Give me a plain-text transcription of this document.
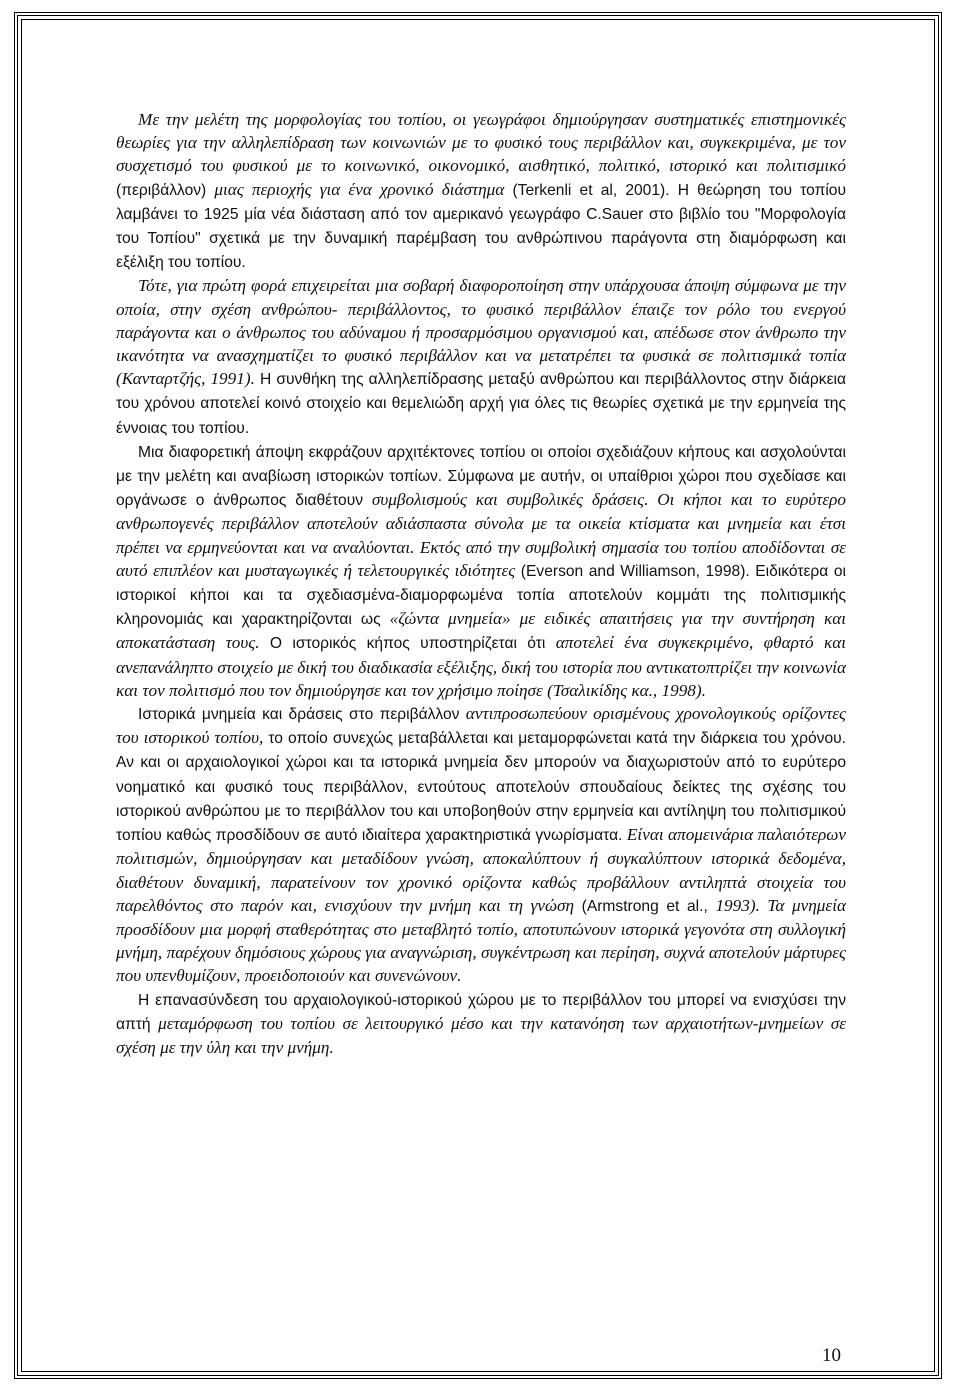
Με την μελέτη της μορφολογίας του τοπίου, οι γεωγράφοι δημιούργησαν συστηματικές επιστημονικές θεωρίες για την αλληλεπίδραση των κοινωνιών με το φυσικό τους περιβάλλον και, συγκεκριμένα, με τον συσχετισμό του φυσικού με το κοινωνικό, οικονομικό, αισθητικό, πολιτικό, ιστορικό και πολιτισμικό (περιβάλλον) μιας περιοχής για ένα χρονικό διάστημα (Terkenli et al, 2001). Η θεώρηση του τοπίου λαμβάνει το 1925 μία νέα διάσταση από τον αμερικανό γεωγράφο C.Sauer στο βιβλίο του "Μορφολογία του Τοπίου" σχετικά με την δυναμική παρέμβαση του ανθρώπινου παράγοντα στη διαμόρφωση και εξέλιξη του τοπίου.

Τότε, για πρώτη φορά επιχειρείται μια σοβαρή διαφοροποίηση στην υπάρχουσα άποψη σύμφωνα με την οποία, στην σχέση ανθρώπου- περιβάλλοντος, το φυσικό περιβάλλον έπαιζε τον ρόλο του ενεργού παράγοντα και ο άνθρωπος του αδύναμου ή προσαρμόσιμου οργανισμού και, απέδωσε στον άνθρωπο την ικανότητα να ανασχηματίζει το φυσικό περιβάλλον και να μετατρέπει τα φυσικά σε πολιτισμικά τοπία (Κανταρτζής, 1991). Η συνθήκη της αλληλεπίδρασης μεταξύ ανθρώπου και περιβάλλοντος στην διάρκεια του χρόνου αποτελεί κοινό στοιχείο και θεμελιώδη αρχή για όλες τις θεωρίες σχετικά με την ερμηνεία της έννοιας του τοπίου.

Μια διαφορετική άποψη εκφράζουν αρχιτέκτονες τοπίου οι οποίοι σχεδιάζουν κήπους και ασχολούνται με την μελέτη και αναβίωση ιστορικών τοπίων. Σύμφωνα με αυτήν, οι υπαίθριοι χώροι που σχεδίασε και οργάνωσε ο άνθρωπος διαθέτουν συμβολισμούς και συμβολικές δράσεις. Οι κήποι και το ευρύτερο ανθρωπογενές περιβάλλον αποτελούν αδιάσπαστα σύνολα με τα οικεία κτίσματα και μνημεία και έτσι πρέπει να ερμηνεύονται και να αναλύονται. Εκτός από την συμβολική σημασία του τοπίου αποδίδονται σε αυτό επιπλέον και μυσταγωγικές ή τελετουργικές ιδιότητες (Everson and Williamson, 1998). Ειδικότερα οι ιστορικοί κήποι και τα σχεδιασμένα-διαμορφωμένα τοπία αποτελούν κομμάτι της πολιτισμικής κληρονομιάς και χαρακτηρίζονται ως «ζώντα μνημεία» με ειδικές απαιτήσεις για την συντήρηση και αποκατάσταση τους. Ο ιστορικός κήπος υποστηρίζεται ότι αποτελεί ένα συγκεκριμένο, φθαρτό και ανεπανάληπτο στοιχείο με δική του διαδικασία εξέλιξης, δική του ιστορία που αντικατοπτρίζει την κοινωνία και τον πολιτισμό που τον δημιούργησε και τον χρήσιμο ποίησε (Τσαλικίδης κα., 1998).

Ιστορικά μνημεία και δράσεις στο περιβάλλον αντιπροσωπεύουν ορισμένους χρονολογικούς ορίζοντες του ιστορικού τοπίου, το οποίο συνεχώς μεταβάλλεται και μεταμορφώνεται κατά την διάρκεια του χρόνου. Αν και οι αρχαιολογικοί χώροι και τα ιστορικά μνημεία δεν μπορούν να διαχωριστούν από το ευρύτερο νοηματικό και φυσικό τους περιβάλλον, εντούτους αποτελούν σπουδαίους δείκτες της σχέσης του ιστορικού ανθρώπου με το περιβάλλον του και υποβοηθούν στην ερμηνεία και αντίληψη του πολιτισμικού τοπίου καθώς προσδίδουν σε αυτό ιδιαίτερα χαρακτηριστικά γνωρίσματα. Είναι απομεινάρια παλαιότερων πολιτισμών, δημιούργησαν και μεταδίδουν γνώση, αποκαλύπτουν ή συγκαλύπτουν ιστορικά δεδομένα, διαθέτουν δυναμική, παρατείνουν τον χρονικό ορίζοντα καθώς προβάλλουν αντιληπτά στοιχεία του παρελθόντος στο παρόν και, ενισχύουν την μνήμη και τη γνώση (Armstrong et al., 1993). Τα μνημεία προσδίδουν μια μορφή σταθερότητας στο μεταβλητό τοπίο, αποτυπώνουν ιστορικά γεγονότα στη συλλογική μνήμη, παρέχουν δημόσιους χώρους για αναγνώριση, συγκέντρωση και περίηση, συχνά αποτελούν μάρτυρες που υπενθυμίζουν, προειδοποιούν και συνενώνουν.

Η επανασύνδεση του αρχαιολογικού-ιστορικού χώρου με το περιβάλλον του μπορεί να ενισχύσει την απτή μεταμόρφωση του τοπίου σε λειτουργικό μέσο και την κατανόηση των αρχαιοτήτων-μνημείων σε σχέση με την ύλη και την μνήμη.

10
